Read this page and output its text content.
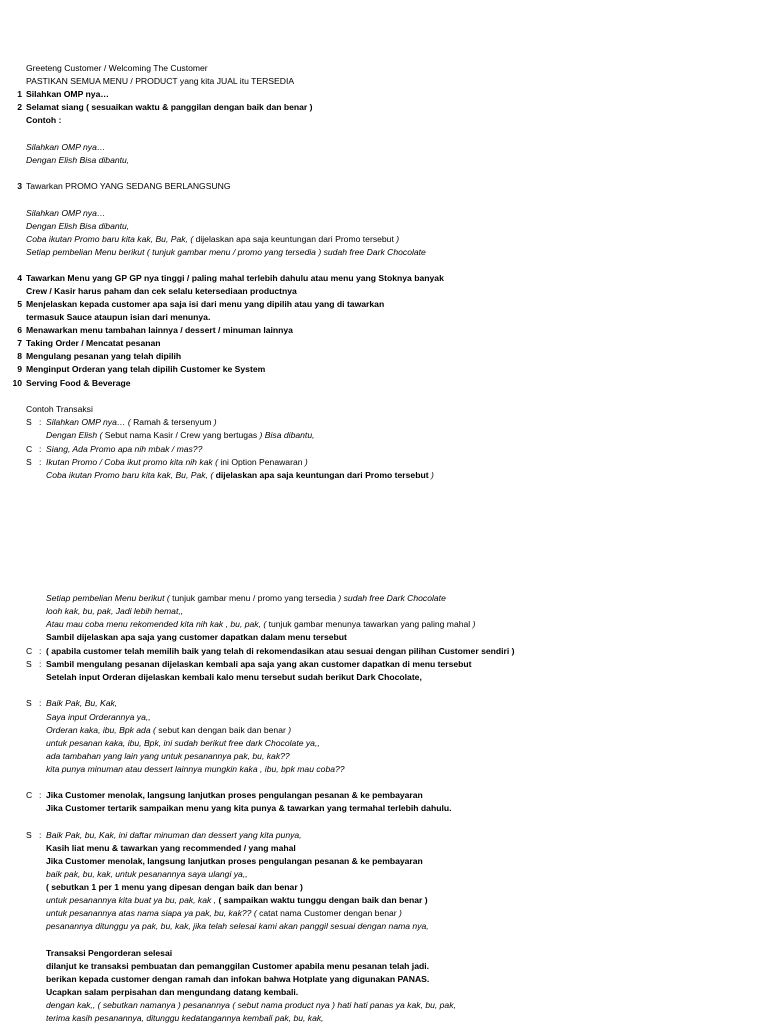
Greeteng Customer / Welcoming The Customer
PASTIKAN SEMUA MENU / PRODUCT yang kita JUAL itu TERSEDIA
1 Silahkan OMP nya…
2 Selamat siang ( sesuaikan waktu & panggilan dengan baik dan benar )
Contoh :
Silahkan OMP nya…
Dengan Elish Bisa dibantu,
3 Tawarkan PROMO YANG SEDANG BERLANGSUNG
Silahkan OMP nya…
Dengan Elish Bisa dibantu,
Coba ikutan Promo baru kita kak, Bu, Pak, ( dijelaskan apa saja keuntungan dari Promo tersebut )
Setiap pembelian Menu berikut ( tunjuk gambar menu / promo yang tersedia ) sudah free Dark Chocolate
4 Tawarkan Menu yang GP GP nya tinggi / paling mahal terlebih dahulu atau menu yang Stoknya banyak
Crew / Kasir harus paham dan cek selalu ketersediaan productnya
5 Menjelaskan kepada customer apa saja isi dari menu yang dipilih atau yang di tawarkan
termasuk Sauce ataupun isian dari menunya.
6 Menawarkan menu tambahan lainnya / dessert / minuman lainnya
7 Taking Order / Mencatat pesanan
8 Mengulang pesanan yang telah dipilih
9 Menginput Orderan yang telah dipilih Customer ke System
10 Serving Food & Beverage
Contoh Transaksi
S : Silahkan OMP nya… ( Ramah & tersenyum )
Dengan Elish ( Sebut nama Kasir / Crew yang bertugas ) Bisa dibantu,
C : Siang, Ada Promo apa nih mbak / mas??
S : Ikutan Promo / Coba ikut promo kita nih kak ( ini Option Penawaran )
Coba ikutan Promo baru kita kak, Bu, Pak, ( dijelaskan apa saja keuntungan dari Promo tersebut )
Setiap pembelian Menu berikut ( tunjuk gambar menu / promo yang tersedia ) sudah free Dark Chocolate
looh kak, bu, pak, Jadi lebih hemat,,
Atau mau coba menu rekomended kita nih kak , bu, pak, ( tunjuk gambar menunya tawarkan yang paling mahal )
Sambil dijelaskan apa saja yang customer dapatkan dalam menu tersebut
C : ( apabila customer telah memilih baik yang telah di rekomendasikan atau sesuai dengan pilihan Customer sendiri )
S : Sambil mengulang pesanan dijelaskan kembali apa saja yang akan customer dapatkan di menu tersebut
Setelah input Orderan dijelaskan kembali kalo menu tersebut sudah berikut Dark Chocolate,
S : Baik Pak, Bu, Kak,
Saya input Orderannya ya,,
Orderan kaka, ibu, Bpk ada ( sebut kan dengan baik dan benar )
untuk pesanan kaka, ibu, Bpk, ini sudah berikut free dark Chocolate ya,,
ada tambahan yang lain yang untuk pesanannya pak, bu, kak??
kita punya minuman atau dessert lainnya mungkin kaka , ibu, bpk mau coba??
C : Jika Customer menolak, langsung lanjutkan proses pengulangan pesanan & ke pembayaran
Jika Customer tertarik sampaikan menu yang kita punya & tawarkan yang termahal terlebih dahulu.
S : Baik Pak, bu, Kak, ini daftar minuman dan dessert yang kita punya,
Kasih liat menu & tawarkan yang recommended / yang mahal
Jika Customer menolak, langsung lanjutkan proses pengulangan pesanan & ke pembayaran
baik pak, bu, kak, untuk pesanannya saya ulangi ya,,
( sebutkan 1 per 1 menu yang dipesan dengan baik dan benar )
untuk pesanannya kita buat ya bu, pak, kak , ( sampaikan waktu tunggu dengan baik dan benar )
untuk pesanannya atas nama siapa ya pak, bu, kak?? ( catat nama Customer dengan benar )
pesanannya ditunggu ya pak, bu, kak, jika telah selesai kami akan panggil sesuai dengan nama nya,
Transaksi Pengorderan selesai
dilanjut ke transaksi pembuatan dan pemanggilan Customer apabila menu pesanan telah jadi.
berikan kepada customer dengan ramah dan infokan bahwa Hotplate yang digunakan PANAS.
Ucapkan salam perpisahan dan mengundang datang kembali.
dengan kak,, ( sebutkan namanya ) pesanannya ( sebut nama product nya ) hati hati panas ya kak, bu, pak,
terima kasih pesanannya, ditunggu kedatangannya kembali pak, bu, kak,
